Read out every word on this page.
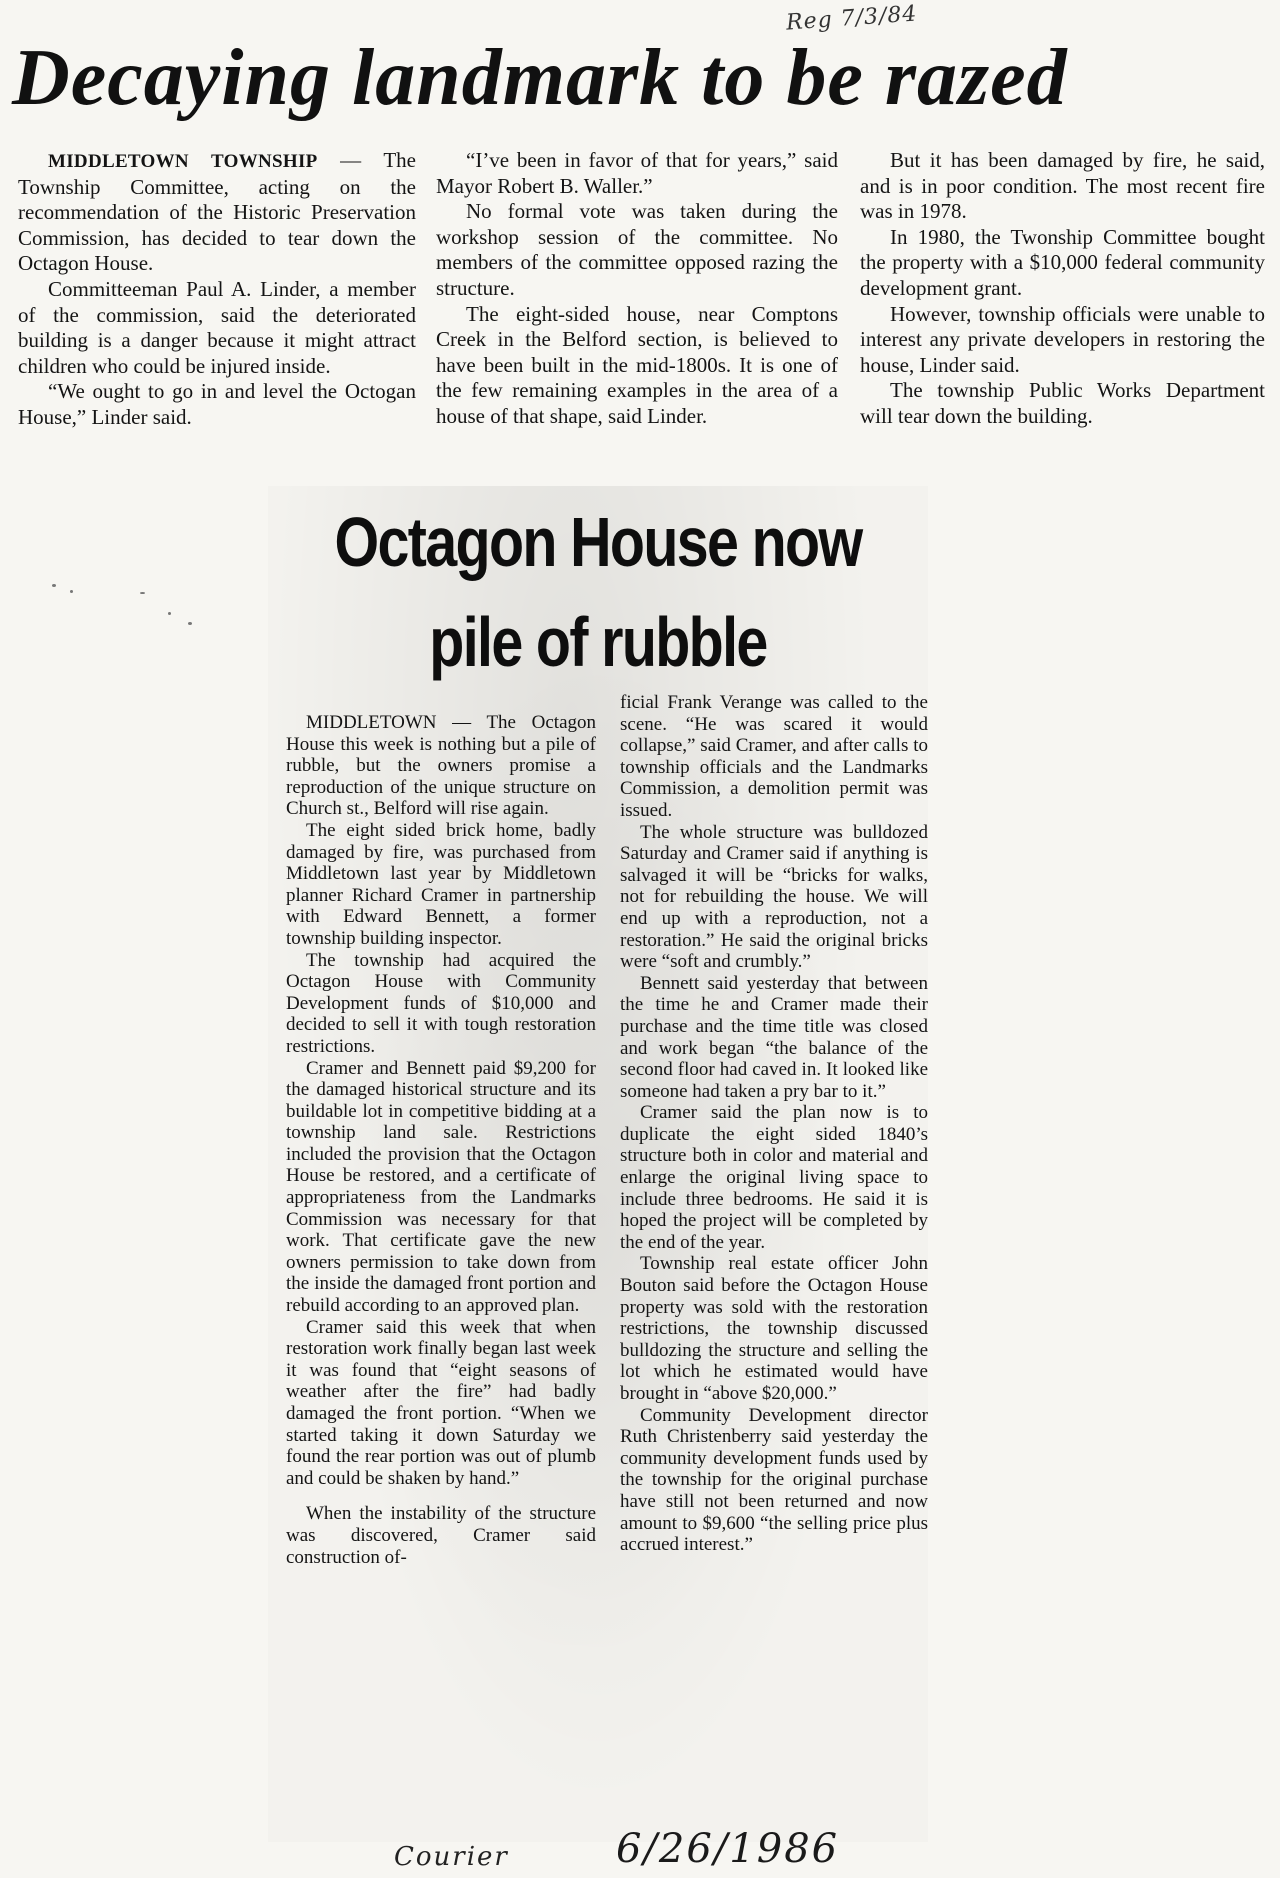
Reg 7/3/84
Decaying landmark to be razed

MIDDLETOWN TOWNSHIP — The Township Committee, acting on the recommendation of the Historic Preservation Commission, has decided to tear down the Octagon House.

Committeeman Paul A. Linder, a member of the commission, said the deteriorated building is a danger because it might attract children who could be injured inside.

“We ought to go in and level the Octogan House,” Linder said.

“I’ve been in favor of that for years,” said Mayor Robert B. Waller.”

No formal vote was taken during the workshop session of the committee. No members of the committee opposed razing the structure.

The eight-sided house, near Comptons Creek in the Belford section, is believed to have been built in the mid-1800s. It is one of the few remaining examples in the area of a house of that shape, said Linder.

But it has been damaged by fire, he said, and is in poor condition. The most recent fire was in 1978.

In 1980, the Twonship Committee bought the property with a $10,000 federal community development grant.

However, township officials were unable to interest any private developers in restoring the house, Linder said.

The township Public Works Department will tear down the building.

Octagon House now
pile of rubble

MIDDLETOWN — The Octagon House this week is nothing but a pile of rubble, but the owners promise a reproduction of the unique structure on Church st., Belford will rise again.

The eight sided brick home, badly damaged by fire, was purchased from Middletown last year by Middletown planner Richard Cramer in partnership with Edward Bennett, a former township building inspector.

The township had acquired the Octagon House with Community Development funds of $10,000 and decided to sell it with tough restoration restrictions.

Cramer and Bennett paid $9,200 for the damaged historical structure and its buildable lot in competitive bidding at a township land sale. Restrictions included the provision that the Octagon House be restored, and a certificate of appropriateness from the Landmarks Commission was necessary for that work. That certificate gave the new owners permission to take down from the inside the damaged front portion and rebuild according to an approved plan.

Cramer said this week that when restoration work finally began last week it was found that “eight seasons of weather after the fire” had badly damaged the front portion. “When we started taking it down Saturday we found the rear portion was out of plumb and could be shaken by hand.”

When the instability of the structure was discovered, Cramer said construction of-

ficial Frank Verange was called to the scene. “He was scared it would collapse,” said Cramer, and after calls to township officials and the Landmarks Commission, a demolition permit was issued.

The whole structure was bulldozed Saturday and Cramer said if anything is salvaged it will be “bricks for walks, not for rebuilding the house. We will end up with a reproduction, not a restoration.” He said the original bricks were “soft and crumbly.”

Bennett said yesterday that between the time he and Cramer made their purchase and the time title was closed and work began “the balance of the second floor had caved in. It looked like someone had taken a pry bar to it.”

Cramer said the plan now is to duplicate the eight sided 1840’s structure both in color and material and enlarge the original living space to include three bedrooms. He said it is hoped the project will be completed by the end of the year.

Township real estate officer John Bouton said before the Octagon House property was sold with the restoration restrictions, the township discussed bulldozing the structure and selling the lot which he estimated would have brought in “above $20,000.”

Community Development director Ruth Christenberry said yesterday the community development funds used by the township for the original purchase have still not been returned and now amount to $9,600 “the selling price plus accrued interest.”

Courier	6/26/1986
